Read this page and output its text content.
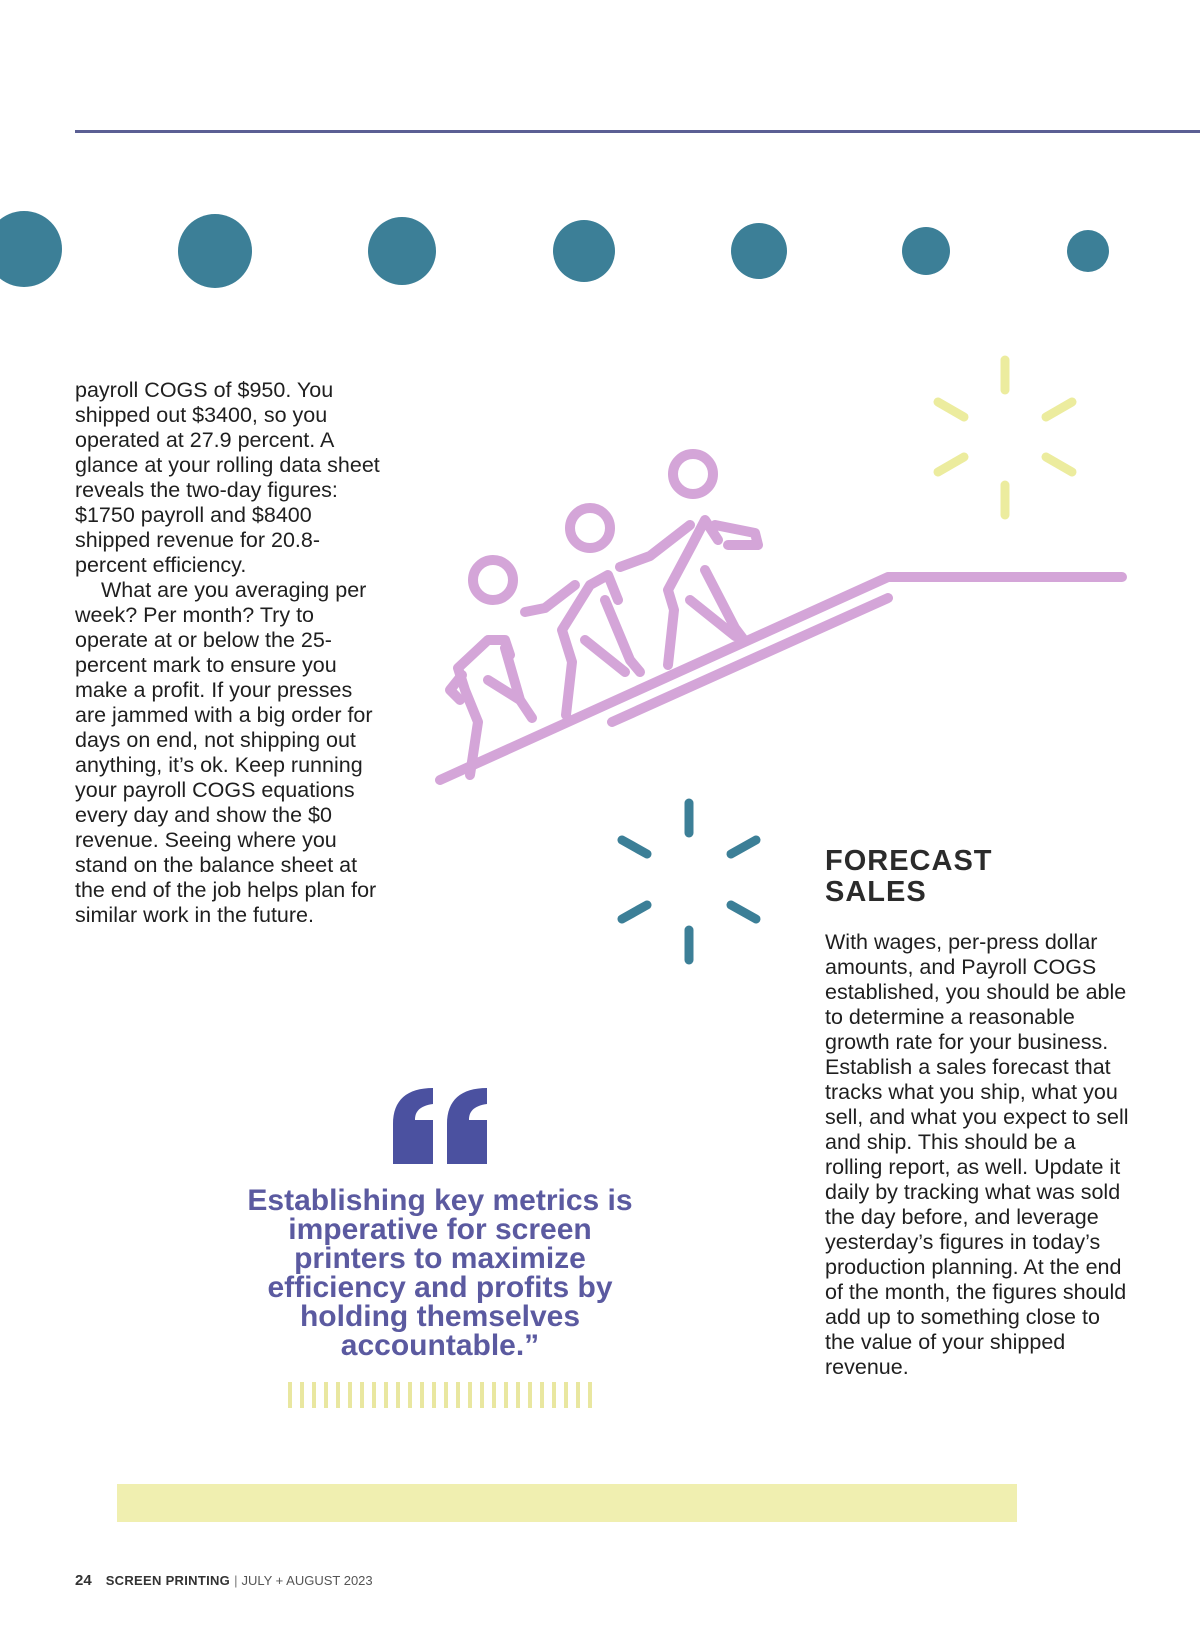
payroll COGS of $950. You shipped out $3400, so you operated at 27.9 percent. A glance at your rolling data sheet reveals the two-day figures: $1750 payroll and $8400 shipped revenue for 20.8-percent efficiency.

What are you averaging per week? Per month? Try to operate at or below the 25-percent mark to ensure you make a profit. If your presses are jammed with a big order for days on end, not shipping out anything, it’s ok. Keep running your payroll COGS equations every day and show the $0 revenue. Seeing where you stand on the balance sheet at the end of the job helps plan for similar work in the future.

FORECAST
SALES

With wages, per-press dollar amounts, and Payroll COGS established, you should be able to determine a reasonable growth rate for your business. Establish a sales forecast that tracks what you ship, what you sell, and what you expect to sell and ship. This should be a rolling report, as well. Update it daily by tracking what was sold the day before, and leverage yesterday’s figures in today’s production planning. At the end of the month, the figures should add up to something close to the value of your shipped revenue.

Establishing key metrics is imperative for screen printers to maximize efficiency and profits by holding themselves accountable.”

24 SCREEN PRINTING | JULY + AUGUST 2023
